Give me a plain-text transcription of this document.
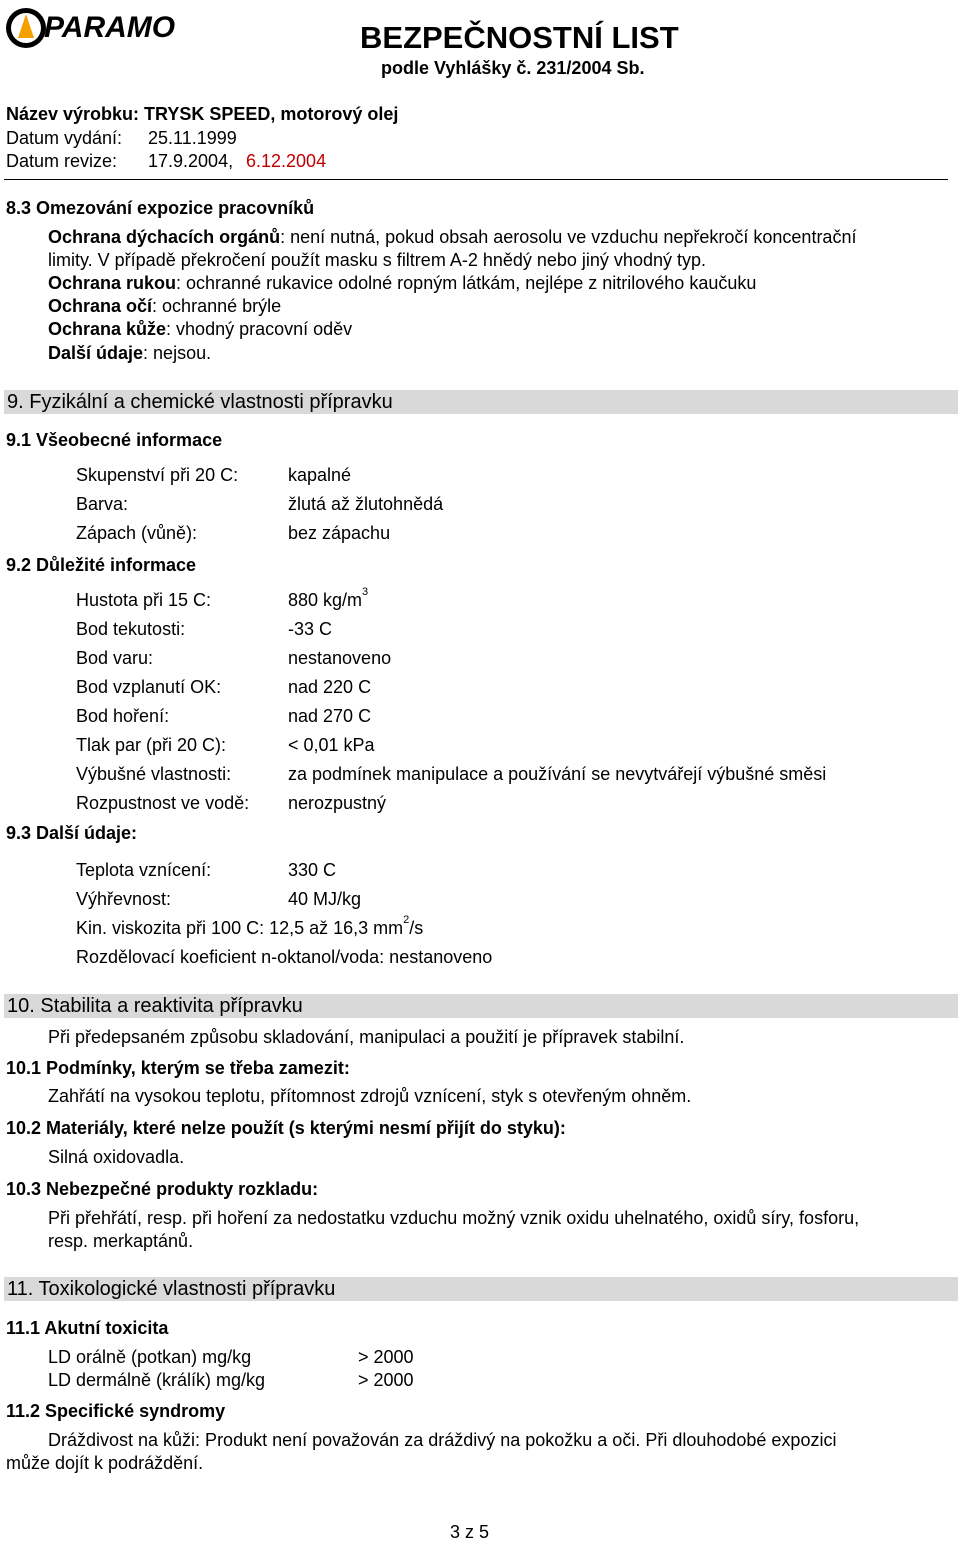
PARAMO	BEZPEČNOSTNÍ LIST
podle Vyhlášky č. 231/2004 Sb.
Název výrobku: TRYSK SPEED, motorový olej
Datum vydání: 25.11.1999
Datum revize: 17.9.2004, 6.12.2004
8.3 Omezování expozice pracovníků
Ochrana dýchacích orgánů: není nutná, pokud obsah aerosolu ve vzduchu nepřekročí koncentrační
limity. V případě překročení použít masku s filtrem A-2 hnědý nebo jiný vhodný typ.
Ochrana rukou: ochranné rukavice odolné ropným látkám, nejlépe z nitrilového kaučuku
Ochrana očí: ochranné brýle
Ochrana kůže: vhodný pracovní oděv
Další údaje: nejsou.
9. Fyzikální a chemické vlastnosti přípravku
9.1 Všeobecné informace
Skupenství při 20 C:	kapalné
Barva:	žlutá až žlutohnědá
Zápach (vůně):	bez zápachu
9.2 Důležité informace
Hustota při 15 C:	880 $kg/m^3$
Bod tekutosti:	-33 C
Bod varu:	nestanoveno
Bod vzplanutí OK:	nad 220 C
Bod hoření:	nad 270 C
Tlak par (při 20 C):	< 0,01 kPa
Výbušné vlastnosti:	za podmínek manipulace a používání se nevytvářejí výbušné směsi
Rozpustnost ve vodě: nerozpustný
9.3 Další údaje:
Teplota vznícení:	330 C
Výhřevnost:	40 MJ/kg
Kin. viskozita při 100 C: 12,5 až 16,3 $mm^2/s$
Rozdělovací koeficient n-oktanol/voda: nestanoveno
10. Stabilita a reaktivita přípravku
Při předepsaném způsobu skladování, manipulaci a použití je přípravek stabilní.
10.1 Podmínky, kterým se třeba zamezit:
Zahřátí na vysokou teplotu, přítomnost zdrojů vznícení, styk s otevřeným ohněm.
10.2 Materiály, které nelze použít (s kterými nesmí přijít do styku):
Silná oxidovadla.
10.3 Nebezpečné produkty rozkladu:
Při přehřátí, resp. při hoření za nedostatku vzduchu možný vznik oxidu uhelnatého, oxidů síry, fosforu,
resp. merkaptánů.
11. Toxikologické vlastnosti přípravku
11.1 Akutní toxicita
LD orálně (potkan) mg/kg	> 2000
LD dermálně (králík) mg/kg	> 2000
11.2 Specifické syndromy
Dráždivost na kůži: Produkt není považován za dráždivý na pokožku a oči. Při dlouhodobé expozici
může dojít k podráždění.
3 z 5
